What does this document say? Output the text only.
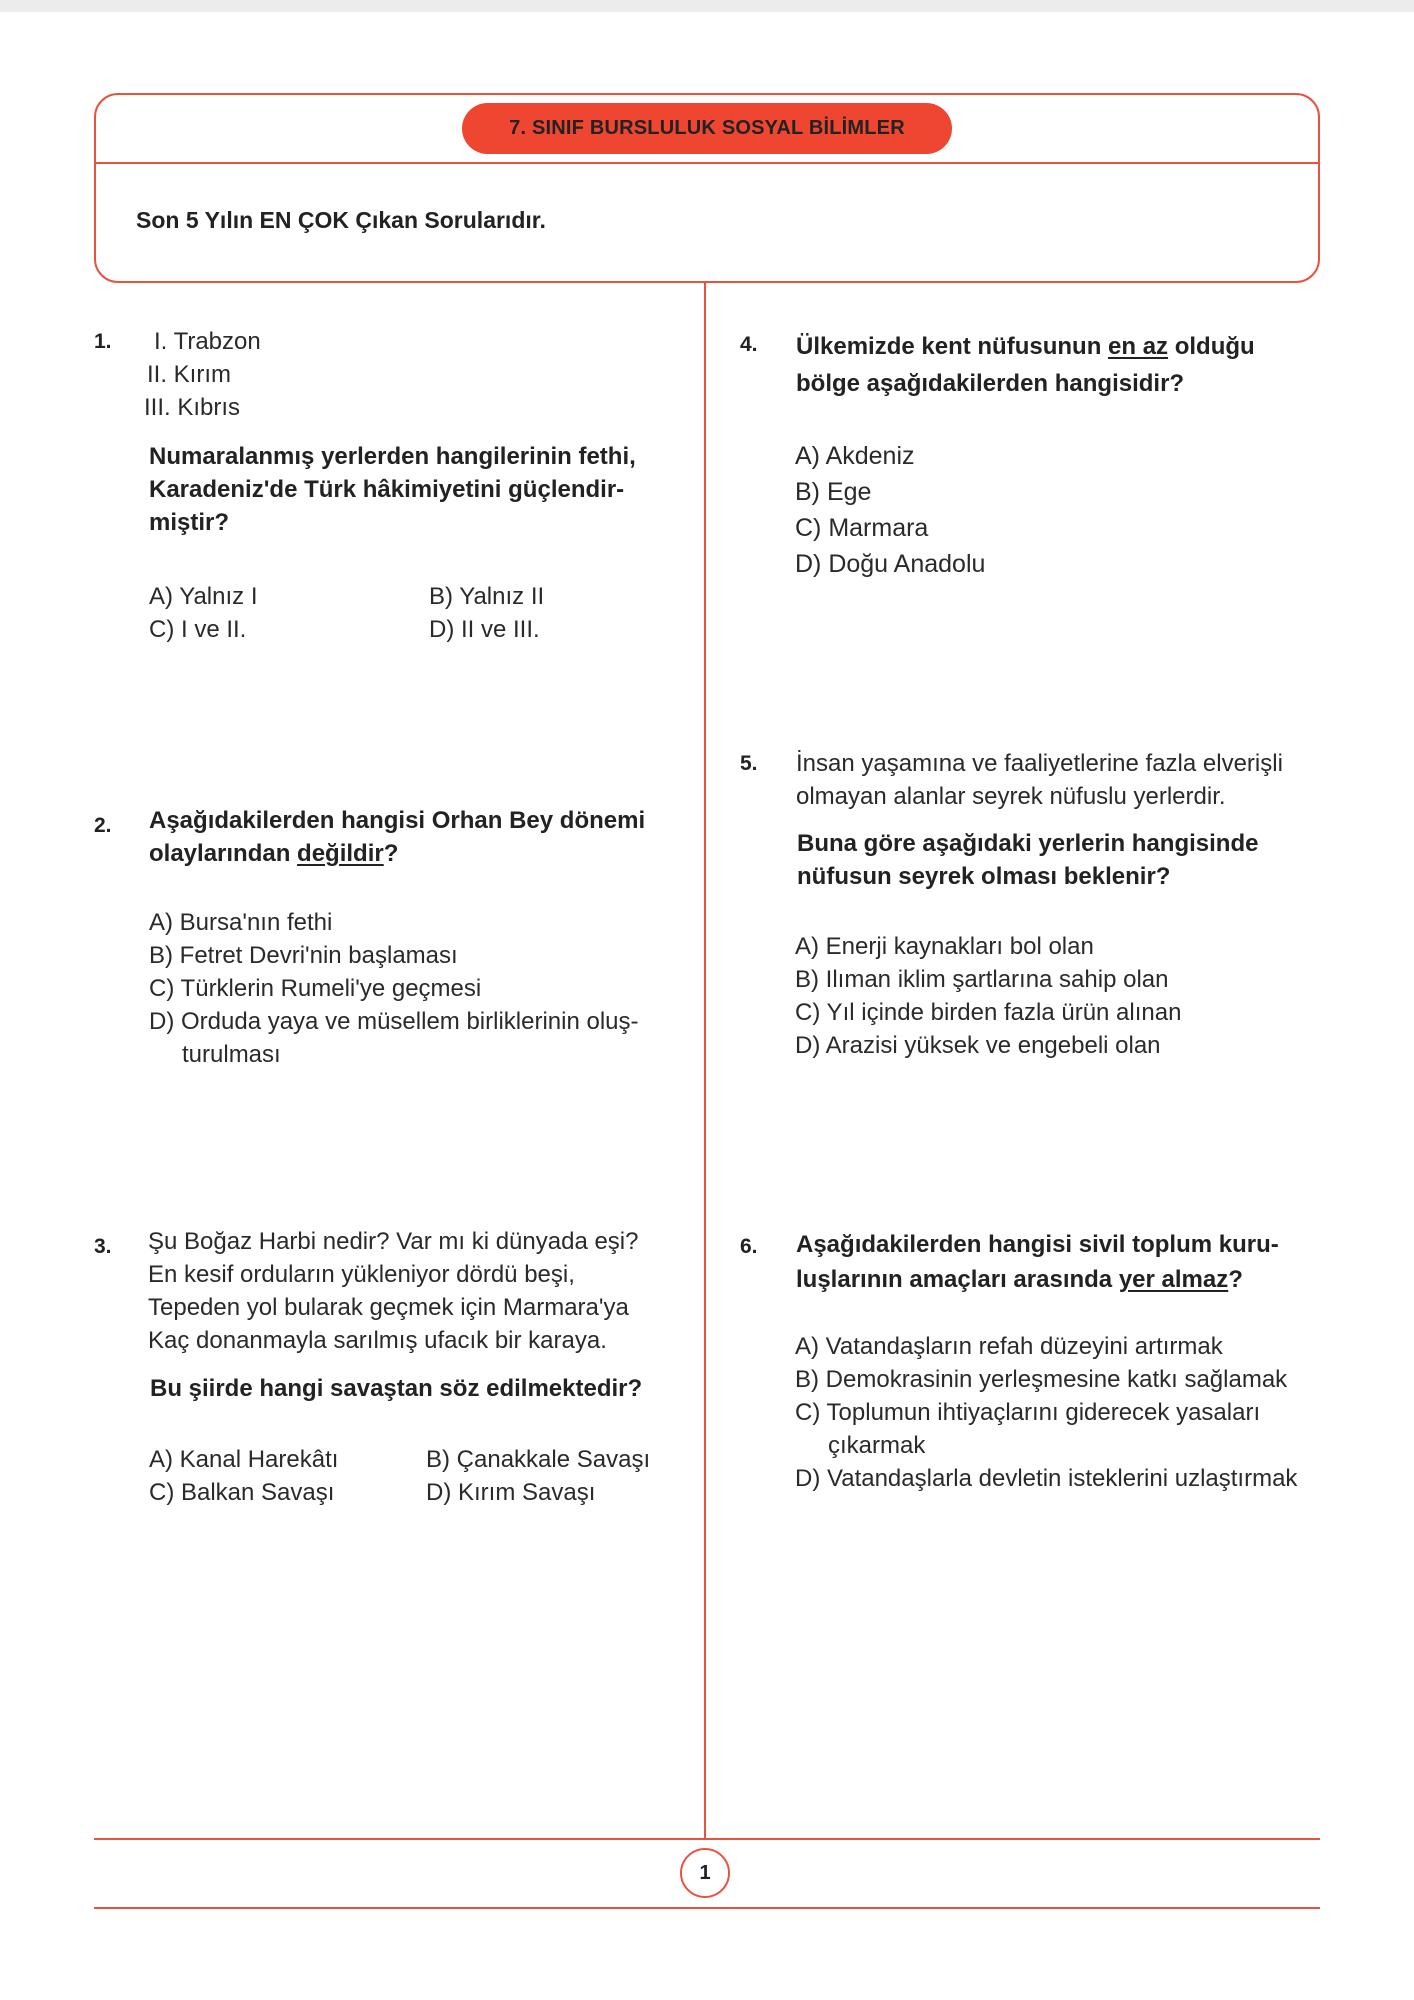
7. SINIF BURSLULUK SOSYAL BİLİMLER
Son 5 Yılın EN ÇOK Çıkan Sorularıdır.
1.	I. Trabzon
II. Kırım
III. Kıbrıs
Numaralanmış yerlerden hangilerinin fethi,
Karadeniz'de Türk hâkimiyetini güçlendir-
miştir?
A) Yalnız I	B) Yalnız II
C) I ve II.	D) II ve III.
2. Aşağıdakilerden hangisi Orhan Bey dönemi
olaylarından değildir?
A) Bursa'nın fethi
B) Fetret Devri'nin başlaması
C) Türklerin Rumeli'ye geçmesi
D) Orduda yaya ve müsellem birliklerinin oluş-
turulması
3. Şu Boğaz Harbi nedir? Var mı ki dünyada eşi?
En kesif orduların yükleniyor dördü beşi,
Tepeden yol bularak geçmek için Marmara'ya
Kaç donanmayla sarılmış ufacık bir karaya.
Bu şiirde hangi savaştan söz edilmektedir?
A) Kanal Harekâtı	B) Çanakkale Savaşı
C) Balkan Savaşı	D) Kırım Savaşı
4. Ülkemizde kent nüfusunun en az olduğu
bölge aşağıdakilerden hangisidir?
A) Akdeniz
B) Ege
C) Marmara
D) Doğu Anadolu
5. İnsan yaşamına ve faaliyetlerine fazla elverişli
olmayan alanlar seyrek nüfuslu yerlerdir.
Buna göre aşağıdaki yerlerin hangisinde
nüfusun seyrek olması beklenir?
A) Enerji kaynakları bol olan
B) Ilıman iklim şartlarına sahip olan
C) Yıl içinde birden fazla ürün alınan
D) Arazisi yüksek ve engebeli olan
6. Aşağıdakilerden hangisi sivil toplum kuru-
luşlarının amaçları arasında yer almaz?
A) Vatandaşların refah düzeyini artırmak
B) Demokrasinin yerleşmesine katkı sağlamak
C) Toplumun ihtiyaçlarını giderecek yasaları
çıkarmak
D) Vatandaşlarla devletin isteklerini uzlaştırmak
1
